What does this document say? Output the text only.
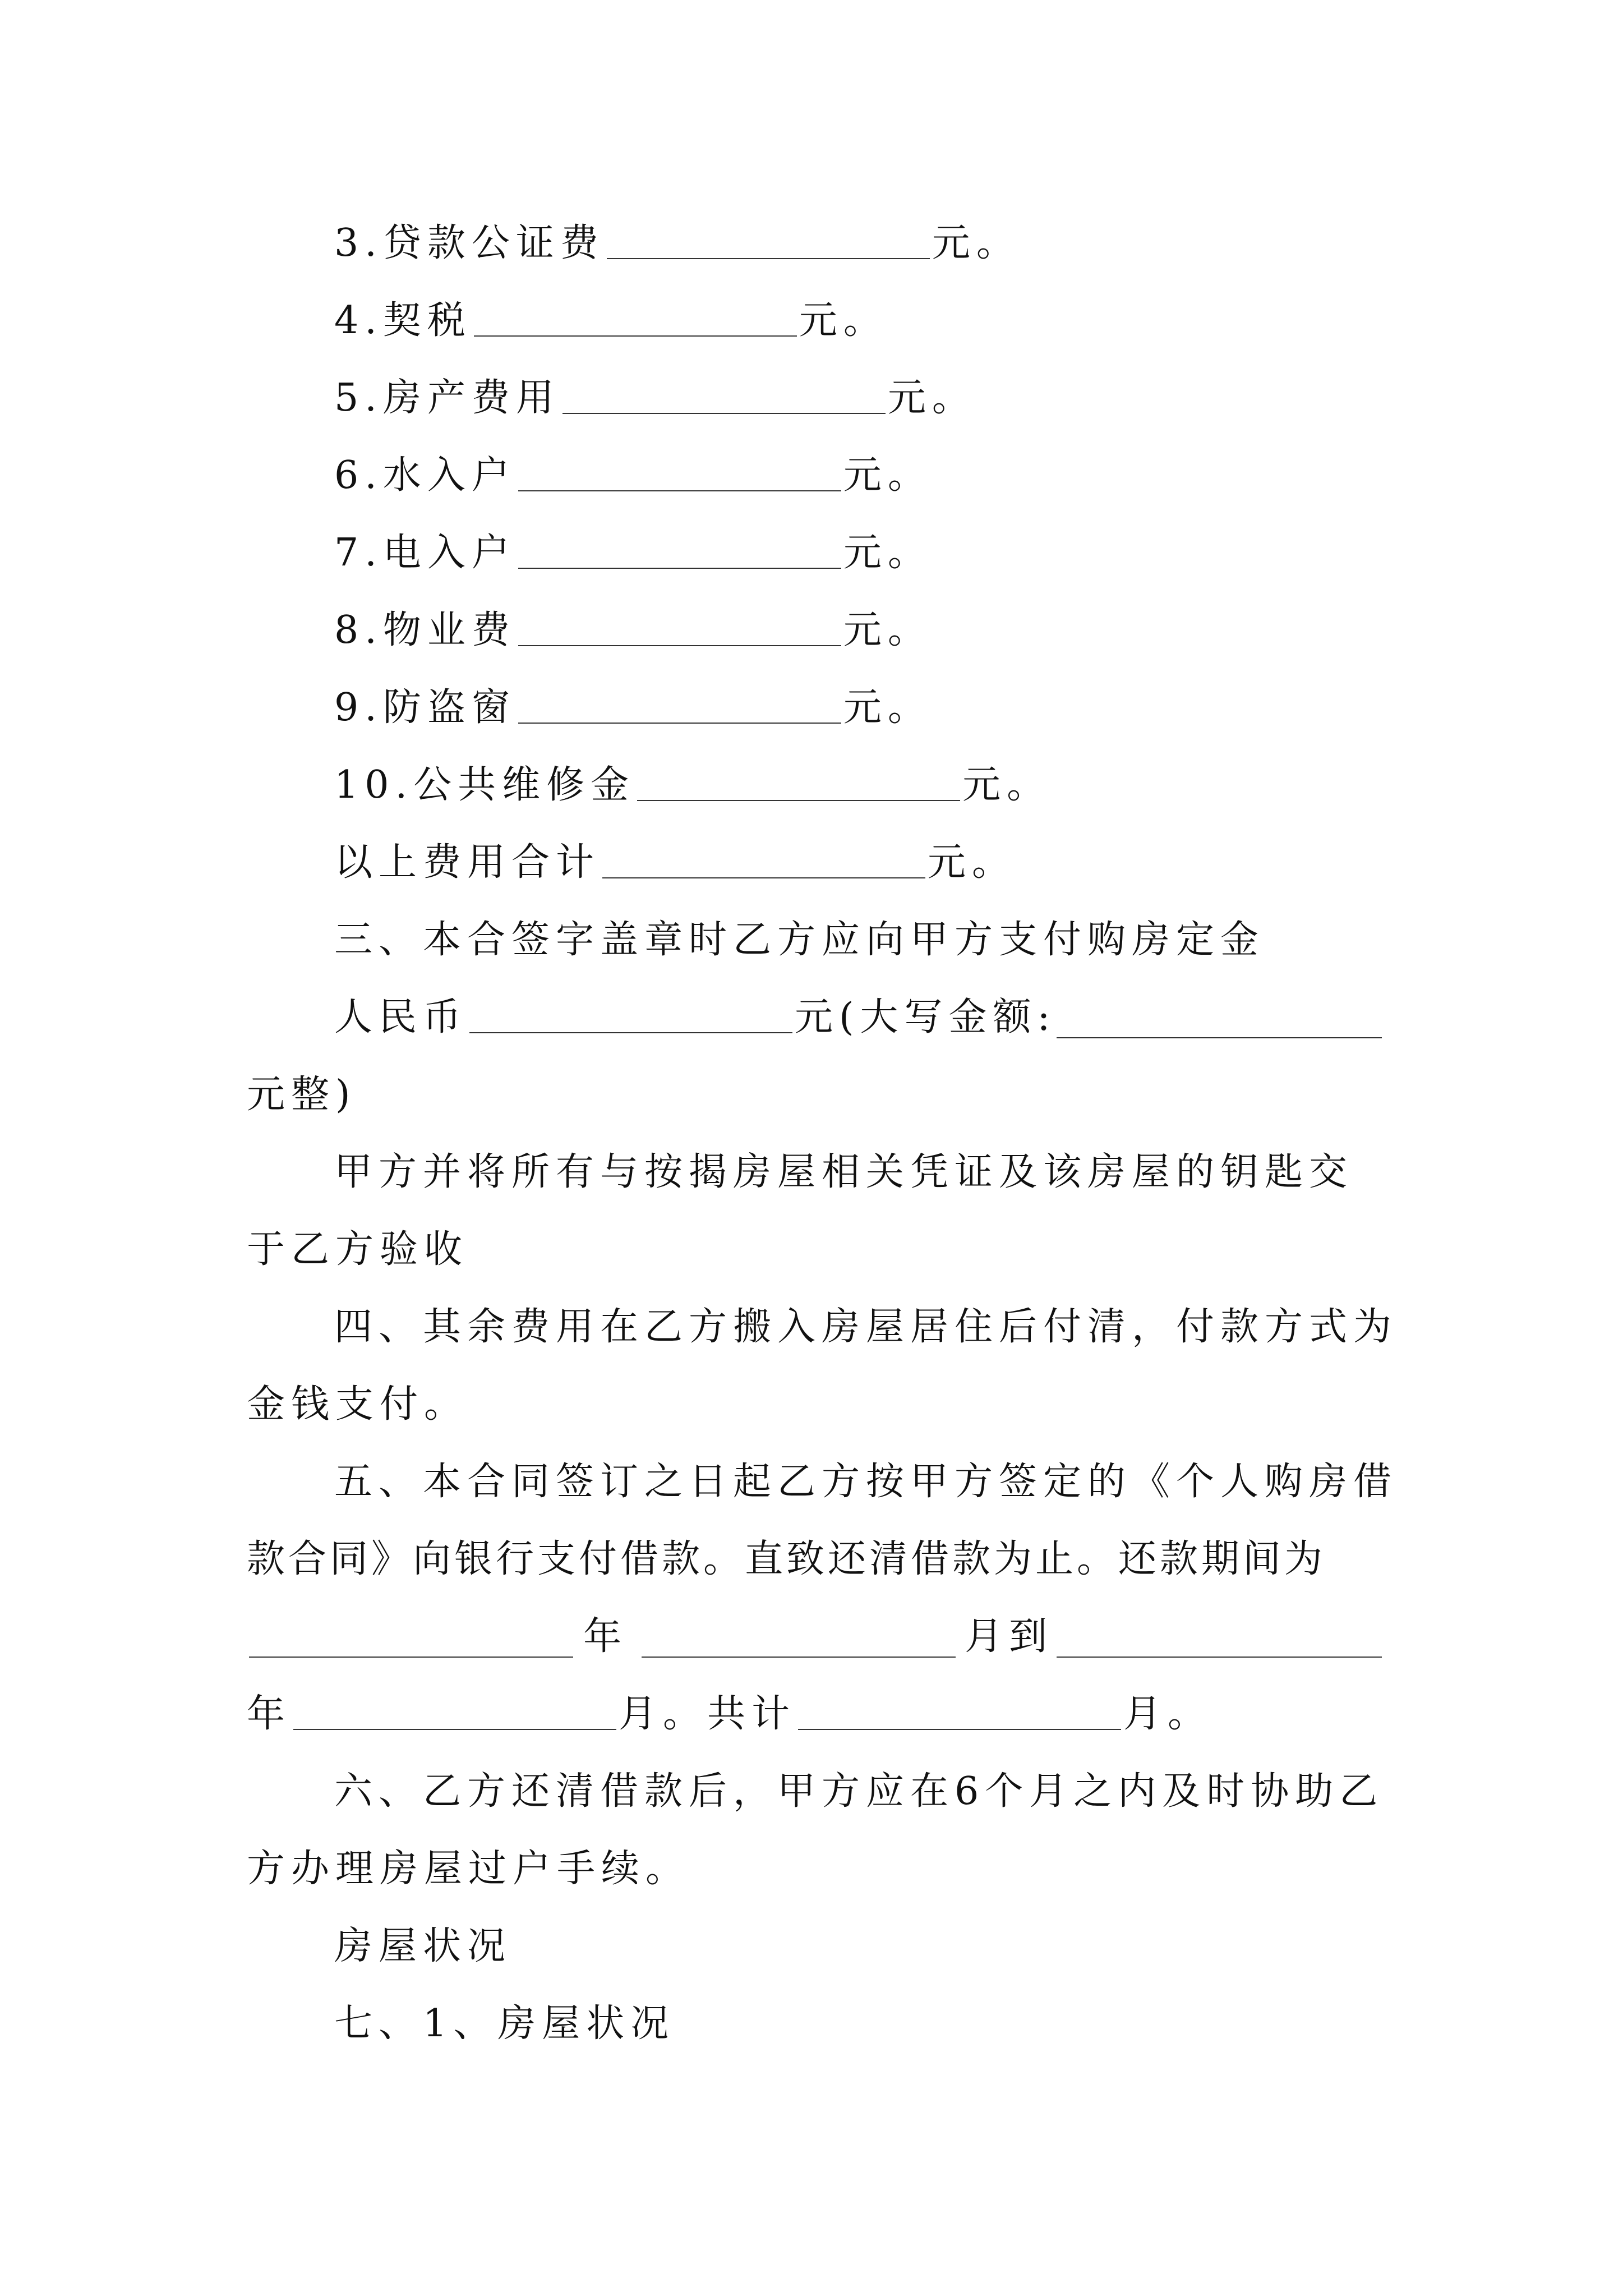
3.贷款公证费	元。
4.契税	元。
5.房产费用	元。
6.水入户	元。
7.电入户	元。
8.物业费	元。
9.防盗窗	元。
10.公共维修金	元。
以上费用合计	元。
三、本合签字盖章时乙方应向甲方支付购房定金
人民币	元(大写金额:
元整)
甲方并将所有与按揭房屋相关凭证及该房屋的钥匙交
于乙方验收
四、其余费用在乙方搬入房屋居住后付清，付款方式为
金钱支付。
五、本合同签订之日起乙方按甲方签定的《个人购房借
款合同》向银行支付借款。直致还清借款为止。还款期间为
年	月到
年	月。共计	月。
六、乙方还清借款后，甲方应在6个月之内及时协助乙
方办理房屋过户手续。
房屋状况
七、1、房屋状况
